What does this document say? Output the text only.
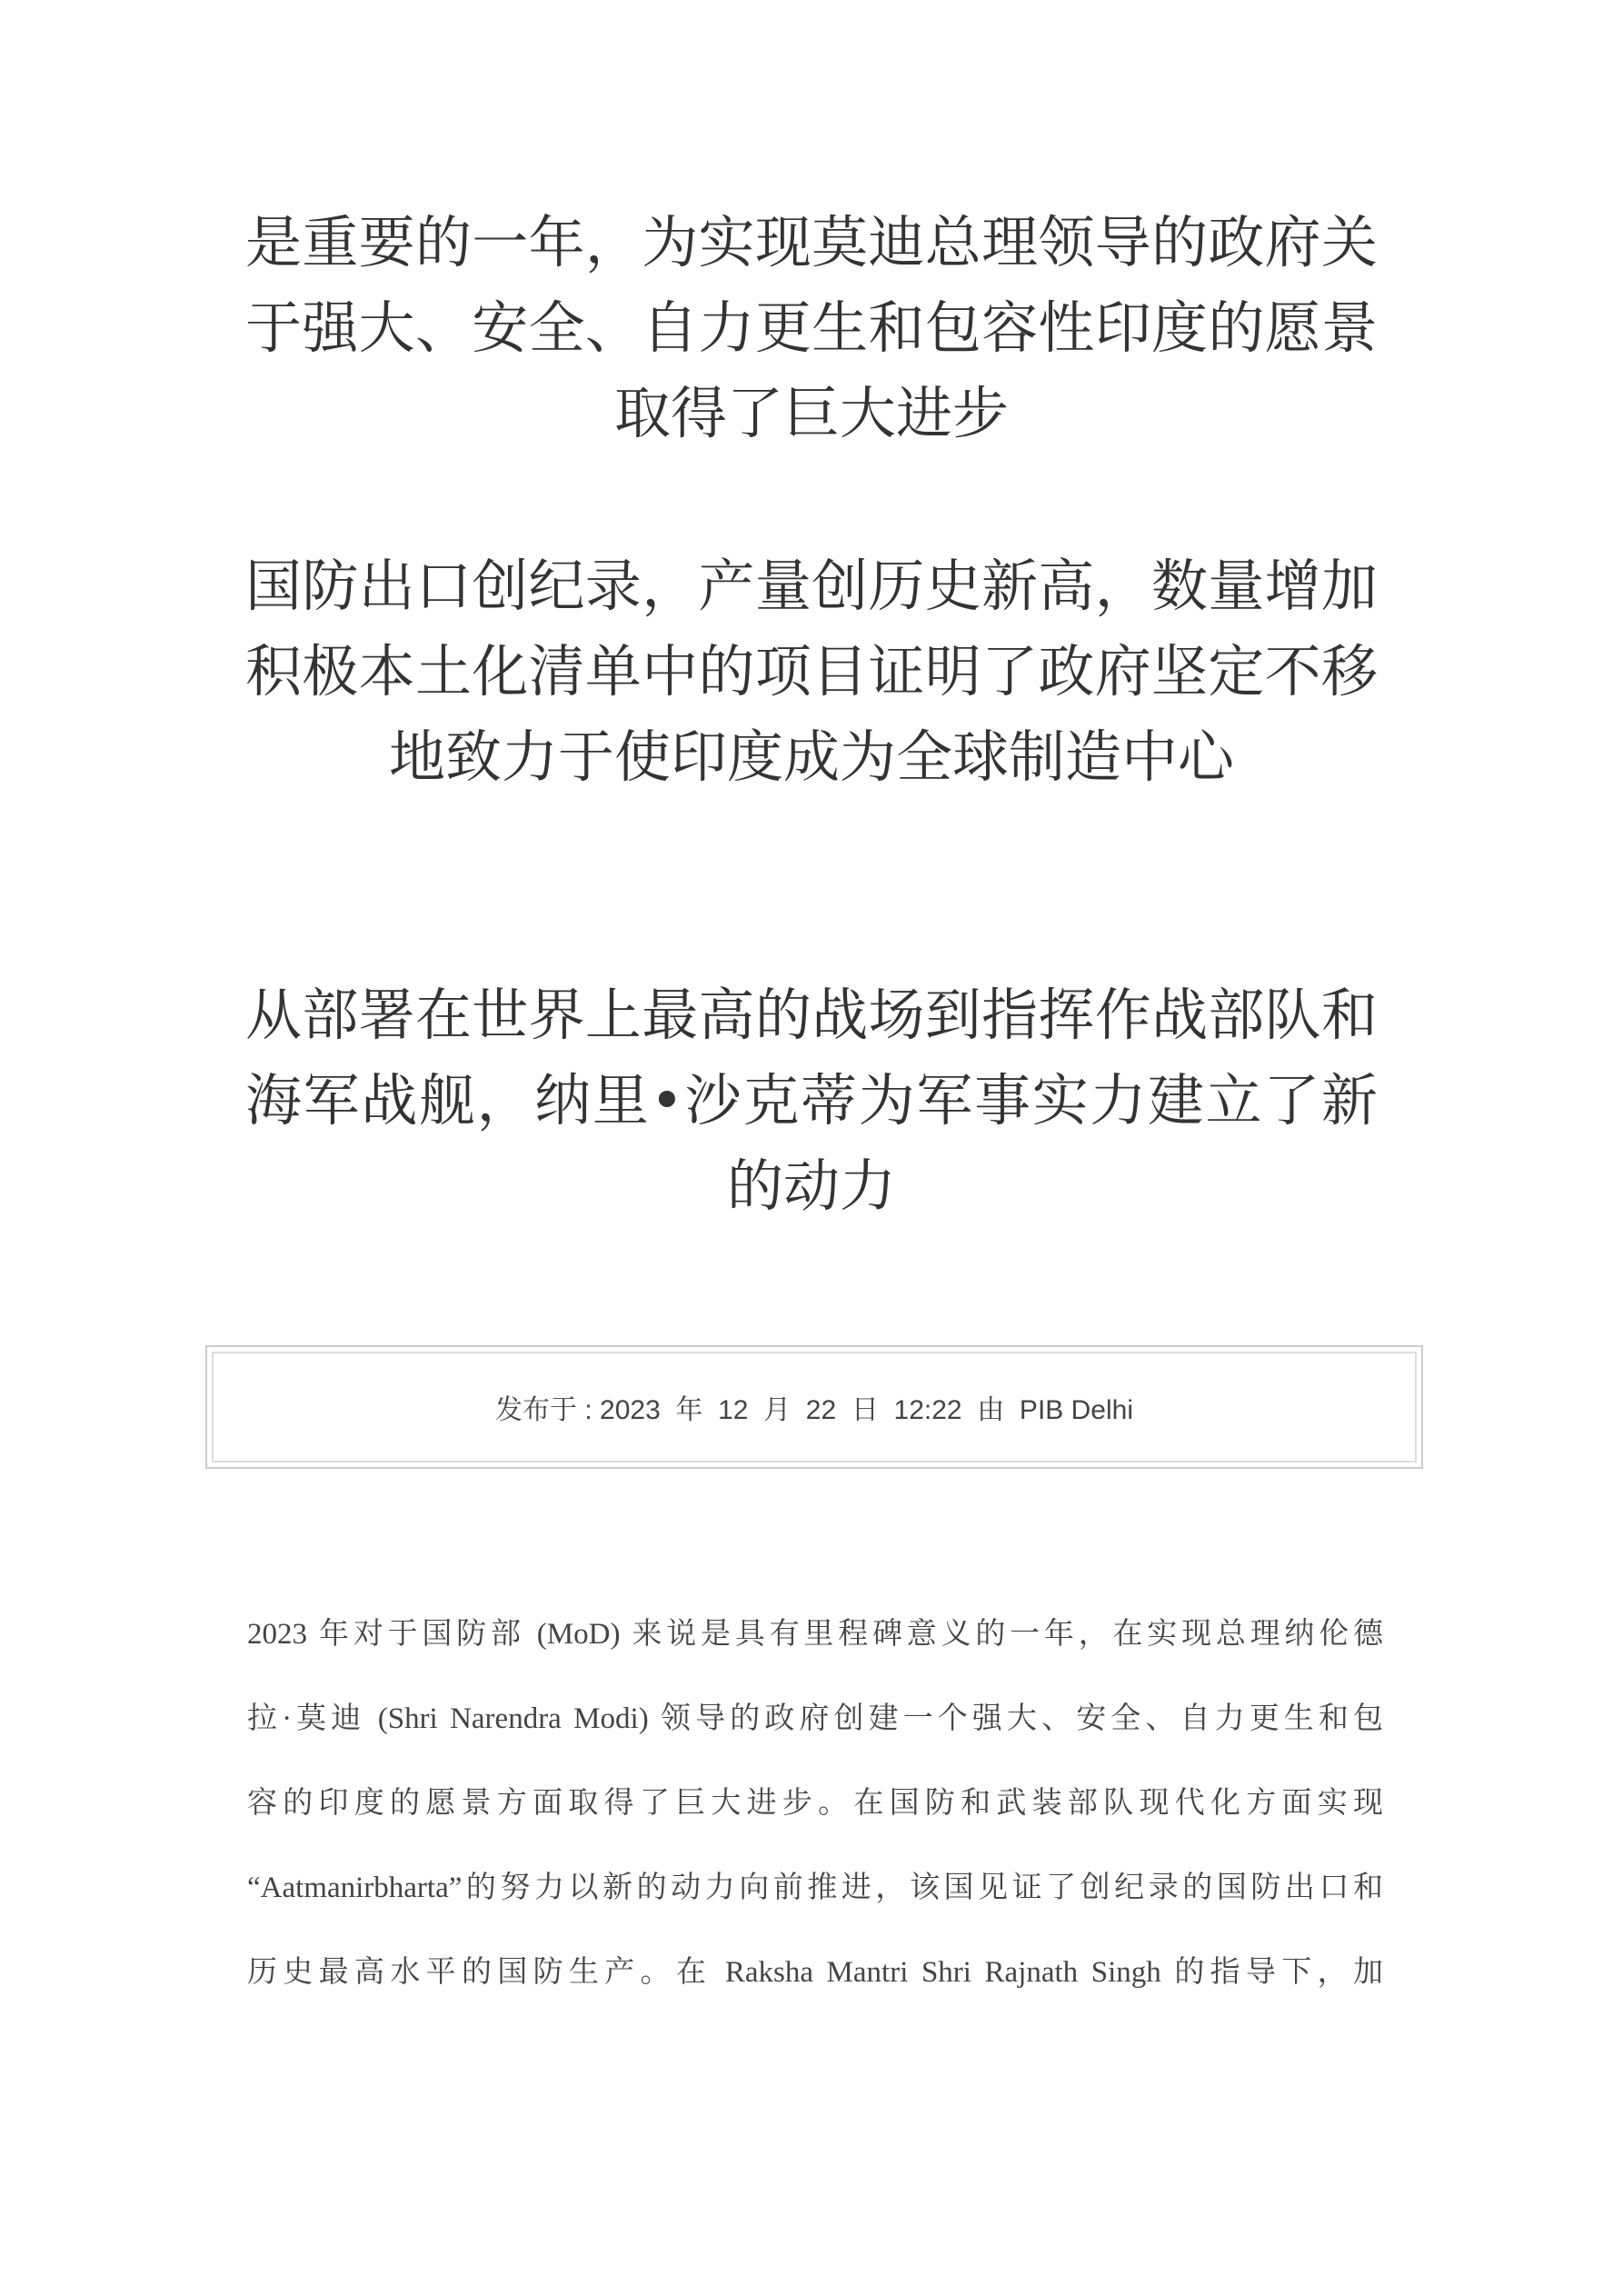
是重要的一年，为实现莫迪总理领导的政府关于强大、安全、自力更生和包容性印度的愿景取得了巨大进步
国防出口创纪录，产量创历史新高，数量增加积极本土化清单中的项目证明了政府坚定不移地致力于使印度成为全球制造中心
从部署在世界上最高的战场到指挥作战部队和海军战舰，纳里•沙克蒂为军事实力建立了新的动力
发布于 : 2023  年  12  月  22  日  12:22  由  PIB Delhi
2023 年对于国防部 (MoD) 来说是具有里程碑意义的一年，在实现总理纳伦德
拉·莫迪 (Shri Narendra Modi) 领导的政府创建一个强大、安全、自力更生和包
容的印度的愿景方面取得了巨大进步。在国防和武装部队现代化方面实现
“Aatmanirbharta”的努力以新的动力向前推进，该国见证了创纪录的国防出口和
历史最高水平的国防生产。在 Raksha Mantri Shri Rajnath Singh 的指导下，加
